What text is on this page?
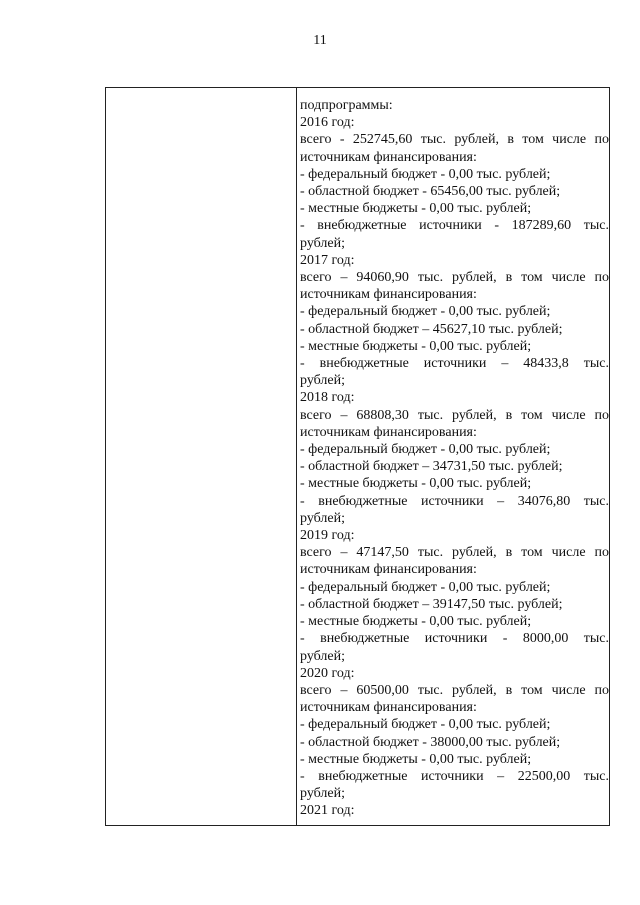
11
подпрограммы:
2016 год:
всего - 252745,60 тыс. рублей, в том числе по
источникам финансирования:
- федеральный бюджет - 0,00 тыс. рублей;
- областной бюджет - 65456,00 тыс. рублей;
- местные бюджеты - 0,00 тыс. рублей;
- внебюджетные источники - 187289,60 тыс.
рублей;
2017 год:
всего – 94060,90 тыс. рублей, в том числе по
источникам финансирования:
- федеральный бюджет - 0,00 тыс. рублей;
- областной бюджет – 45627,10 тыс. рублей;
- местные бюджеты - 0,00 тыс. рублей;
- внебюджетные источники – 48433,8 тыс.
рублей;
2018 год:
всего – 68808,30 тыс. рублей, в том числе по
источникам финансирования:
- федеральный бюджет - 0,00 тыс. рублей;
- областной бюджет – 34731,50 тыс. рублей;
- местные бюджеты - 0,00 тыс. рублей;
- внебюджетные источники – 34076,80 тыс.
рублей;
2019 год:
всего – 47147,50 тыс. рублей, в том числе по
источникам финансирования:
- федеральный бюджет - 0,00 тыс. рублей;
- областной бюджет – 39147,50 тыс. рублей;
- местные бюджеты - 0,00 тыс. рублей;
- внебюджетные источники - 8000,00 тыс.
рублей;
2020 год:
всего – 60500,00 тыс. рублей, в том числе по
источникам финансирования:
- федеральный бюджет - 0,00 тыс. рублей;
- областной бюджет - 38000,00 тыс. рублей;
- местные бюджеты - 0,00 тыс. рублей;
- внебюджетные источники – 22500,00 тыс.
рублей;
2021 год:
